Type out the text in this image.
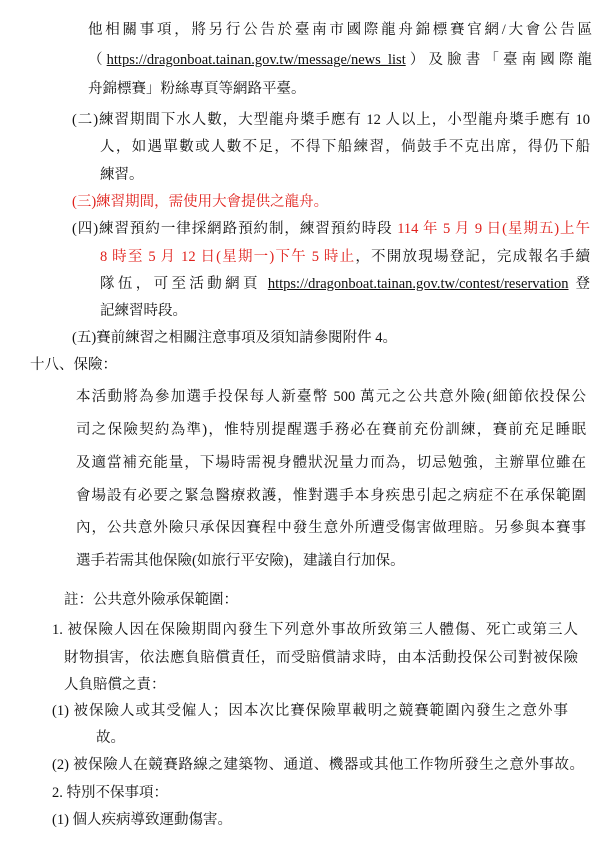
他相關事項，將另行公告於臺南市國際龍舟錦標賽官網/大會公告區
（https://dragonboat.tainan.gov.tw/message/news_list）及臉書「臺南國際龍
舟錦標賽」粉絲專頁等網路平臺。
(二)練習期間下水人數，大型龍舟槳手應有 12 人以上，小型龍舟槳手應有 10
人，如遇單數或人數不足，不得下船練習，倘鼓手不克出席，得仍下船
練習。
(三)練習期間，需使用大會提供之龍舟。
(四)練習預約一律採網路預約制，練習預約時段 114 年 5 月 9 日(星期五)上午
8 時至 5 月 12 日(星期一)下午 5 時止，不開放現場登記，完成報名手續
隊伍，可至活動網頁 https://dragonboat.tainan.gov.tw/contest/reservation 登
記練習時段。
(五)賽前練習之相關注意事項及須知請參閱附件 4。
十八、保險：
本活動將為參加選手投保每人新臺幣 500 萬元之公共意外險(細節依投保公
司之保險契約為準)，惟特別提醒選手務必在賽前充份訓練，賽前充足睡眠
及適當補充能量，下場時需視身體狀況量力而為，切忌勉強，主辦單位雖在
會場設有必要之緊急醫療救護，惟對選手本身疾患引起之病症不在承保範圍
內，公共意外險只承保因賽程中發生意外所遭受傷害做理賠。另參與本賽事
選手若需其他保險(如旅行平安險)，建議自行加保。
註：公共意外險承保範圍：
1. 被保險人因在保險期間內發生下列意外事故所致第三人體傷、死亡或第三人
財物損害，依法應負賠償責任，而受賠償請求時，由本活動投保公司對被保險
人負賠償之責：
(1) 被保險人或其受僱人；因本次比賽保險單載明之競賽範圍內發生之意外事
故。
(2) 被保險人在競賽路線之建築物、通道、機器或其他工作物所發生之意外事故。
2. 特別不保事項：
(1) 個人疾病導致運動傷害。
